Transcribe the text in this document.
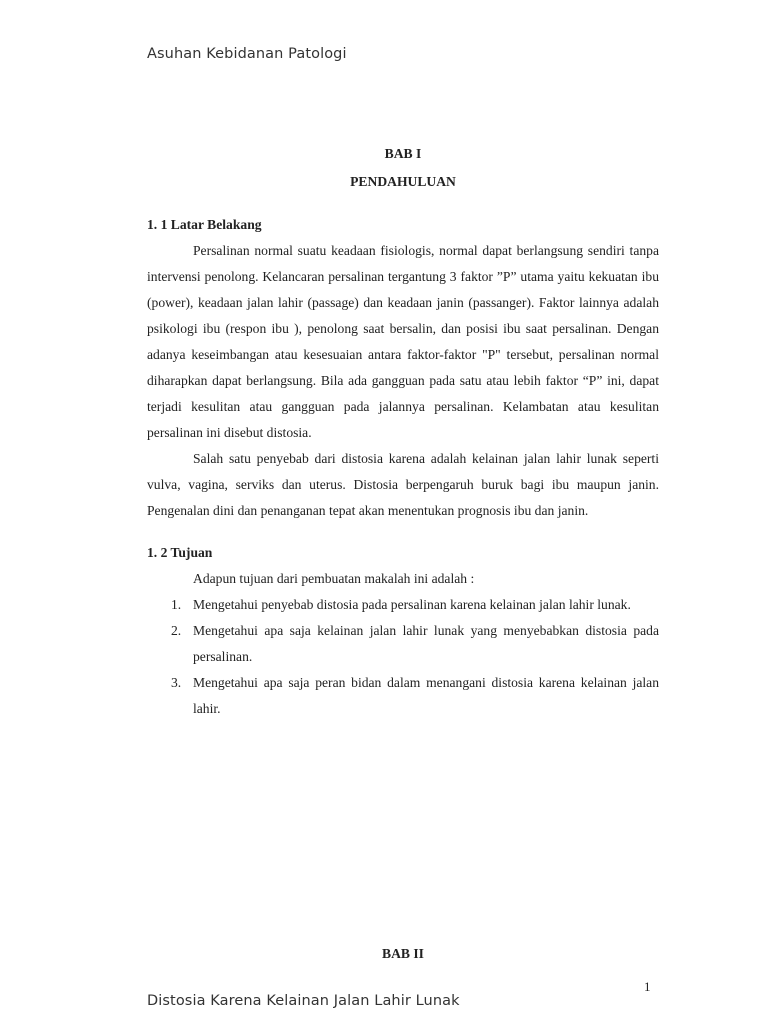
Asuhan Kebidanan Patologi
BAB I
PENDAHULUAN
1. 1 Latar Belakang

Persalinan normal suatu keadaan fisiologis, normal dapat berlangsung sendiri tanpa intervensi penolong. Kelancaran persalinan tergantung 3 faktor ”P” utama yaitu kekuatan ibu (power), keadaan jalan lahir (passage) dan keadaan janin (passanger). Faktor lainnya adalah psikologi ibu (respon ibu ), penolong saat bersalin, dan posisi ibu saat persalinan. Dengan adanya keseimbangan atau kesesuaian antara faktor-faktor "P" tersebut, persalinan normal diharapkan dapat berlangsung. Bila ada gangguan pada satu atau lebih faktor “P” ini, dapat terjadi kesulitan atau gangguan pada jalannya persalinan. Kelambatan atau kesulitan persalinan ini disebut distosia.

Salah satu penyebab dari distosia karena adalah kelainan jalan lahir lunak seperti vulva, vagina, serviks dan uterus. Distosia berpengaruh buruk bagi ibu maupun janin. Pengenalan dini dan penanganan tepat akan menentukan prognosis ibu dan janin.

1. 2 Tujuan
Adapun tujuan dari pembuatan makalah ini adalah :
1. Mengetahui penyebab distosia pada persalinan karena kelainan jalan lahir lunak.
2. Mengetahui apa saja kelainan jalan lahir lunak yang menyebabkan distosia pada persalinan.
3. Mengetahui apa saja peran bidan dalam menangani distosia karena kelainan jalan lahir.
BAB II
1
Distosia Karena Kelainan Jalan Lahir Lunak
